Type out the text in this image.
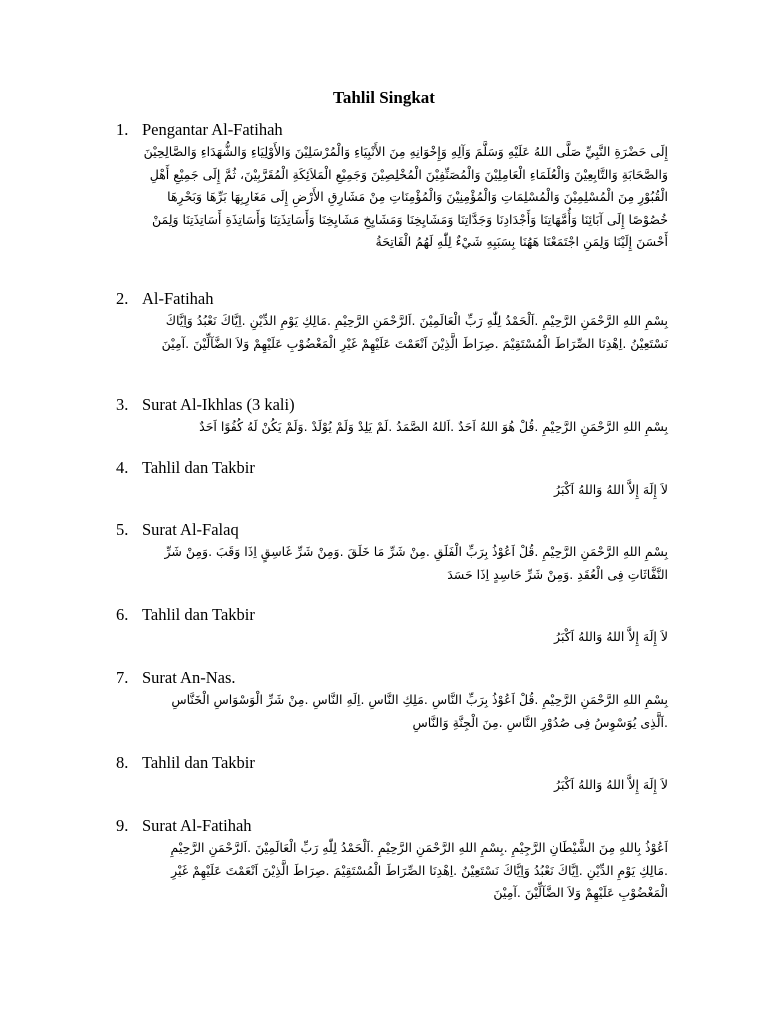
Tahlil Singkat
1. Pengantar Al-Fatihah
إِلَى حَضْرَةِ النَّبِيِّ صَلَّى اللهُ عَلَيْهِ وَسَلَّمَ وَآلِهِ وَإِخْوَانِهِ مِنَ الأَنْبِيَاءِ وَالْمُرْسَلِيْنَ وَالأَوْلِيَاءِ وَالشُّهَدَاءِ وَالصَّالِحِيْنَ وَالصَّحَابَةِ وَالتَّابِعِيْنَ وَالْعُلَمَاءِ الْعَامِلِيْنَ وَالْمُصَنِّفِيْنَ الْمُخْلِصِيْنَ وَجَمِيْعِ الْمَلاَئِكَةِ الْمُقَرَّبِيْنَ، ثُمَّ إِلَى جَمِيْعِ أَهْلِ الْقُبُوْرِ مِنَ الْمُسْلِمِيْنَ وَالْمُسْلِمَاتِ وَالْمُؤْمِنِيْنَ وَالْمُؤْمِنَاتِ مِنْ مَشَارِقِ الأَرْضِ إِلَى مَغَارِبِهَا بَرِّهَا وَبَحْرِهَا خُصُوْصًا إِلَى آبَائِنَا وَأُمَّهَاتِنَا وَأَجْدَادِنَا وَجَدَّاتِنَا وَمَشَايِخِنَا وَمَشَايِخِ مَشَايِخِنَا وَأَسَاتِذَتِنَا وَأَسَاتِذَةِ أَسَاتِذَتِنَا وَلِمَنْ أَحْسَنَ إِلَيْنَا وَلِمَنِ اجْتَمَعْنَا هَهُنَا بِسَبَبِهِ شَيْءٌ لِلّٰهِ لَهُمُ الْفَاتِحَةُ
2. Al-Fatihah
بِسْمِ اللهِ الرَّحْمَنِ الرَّحِيْمِ .اَلْحَمْدُ لِلّٰهِ رَبِّ الْعَالَمِيْنَ .اَلرَّحْمَنِ الرَّحِيْمِ .مَالِكِ يَوْمِ الدِّيْنِ .اِيَّاكَ نَعْبُدُ وَاِيَّاكَ نَسْتَعِيْنُ .اِهْدِنَا الصِّرَاطَ الْمُسْتَقِيْمَ .صِرَاطَ الَّذِيْنَ اَنْعَمْتَ عَلَيْهِمْ غَيْرِ الْمَغْضُوْبِ عَلَيْهِمْ وَلاَ الضَّآلِّيْنَ .آمِيْنَ
3. Surat Al-Ikhlas (3 kali)
بِسْمِ اللهِ الرَّحْمَنِ الرَّحِيْمِ .قُلْ هُوَ اللهُ اَحَدٌ .اَللهُ الصَّمَدُ .لَمْ يَلِدْ وَلَمْ يُوْلَدْ .وَلَمْ يَكُنْ لَهُ كُفُوًا اَحَدٌ
4. Tahlil dan Takbir
لاَ إِلَهَ إِلاَّ اللهُ وَاللهُ اَكْبَرُ
5. Surat Al-Falaq
بِسْمِ اللهِ الرَّحْمَنِ الرَّحِيْمِ .قُلْ اَعُوْذُ بِرَبِّ الْفَلَقِ .مِنْ شَرِّ مَا خَلَقَ .وَمِنْ شَرِّ غَاسِقٍ اِذَا وَقَبَ .وَمِنْ شَرِّ النَّفَّاثَاتِ فِى الْعُقَدِ .وَمِنْ شَرِّ حَاسِدٍ اِذَا حَسَدَ
6. Tahlil dan Takbir
لاَ إِلَهَ إِلاَّ اللهُ وَاللهُ اَكْبَرُ
7. Surat An-Nas.
بِسْمِ اللهِ الرَّحْمَنِ الرَّحِيْمِ .قُلْ اَعُوْذُ بِرَبِّ النَّاسِ .مَلِكِ النَّاسِ .اِلَهِ النَّاسِ .مِنْ شَرِّ الْوَسْوَاسِ الْخَنَّاسِ .اَلَّذِى يُوَسْوِسُ فِى صُدُوْرِ النَّاسِ .مِنَ الْجِنَّةِ وَالنَّاسِ
8. Tahlil dan Takbir
لاَ إِلَهَ إِلاَّ اللهُ وَاللهُ اَكْبَرُ
9. Surat Al-Fatihah
اَعُوْذُ بِاللهِ مِنَ الشَّيْطَانِ الرَّجِيْمِ .بِسْمِ اللهِ الرَّحْمَنِ الرَّحِيْمِ .اَلْحَمْدُ لِلّٰهِ رَبِّ الْعَالَمِيْنَ .اَلرَّحْمَنِ الرَّحِيْمِ .مَالِكِ يَوْمِ الدِّيْنِ .اِيَّاكَ نَعْبُدُ وَاِيَّاكَ نَسْتَعِيْنُ .اِهْدِنَا الصِّرَاطَ الْمُسْتَقِيْمَ .صِرَاطَ الَّذِيْنَ اَنْعَمْتَ عَلَيْهِمْ غَيْرِ الْمَغْضُوْبِ عَلَيْهِمْ وَلاَ الضَّآلِّيْنَ .آمِيْنَ
